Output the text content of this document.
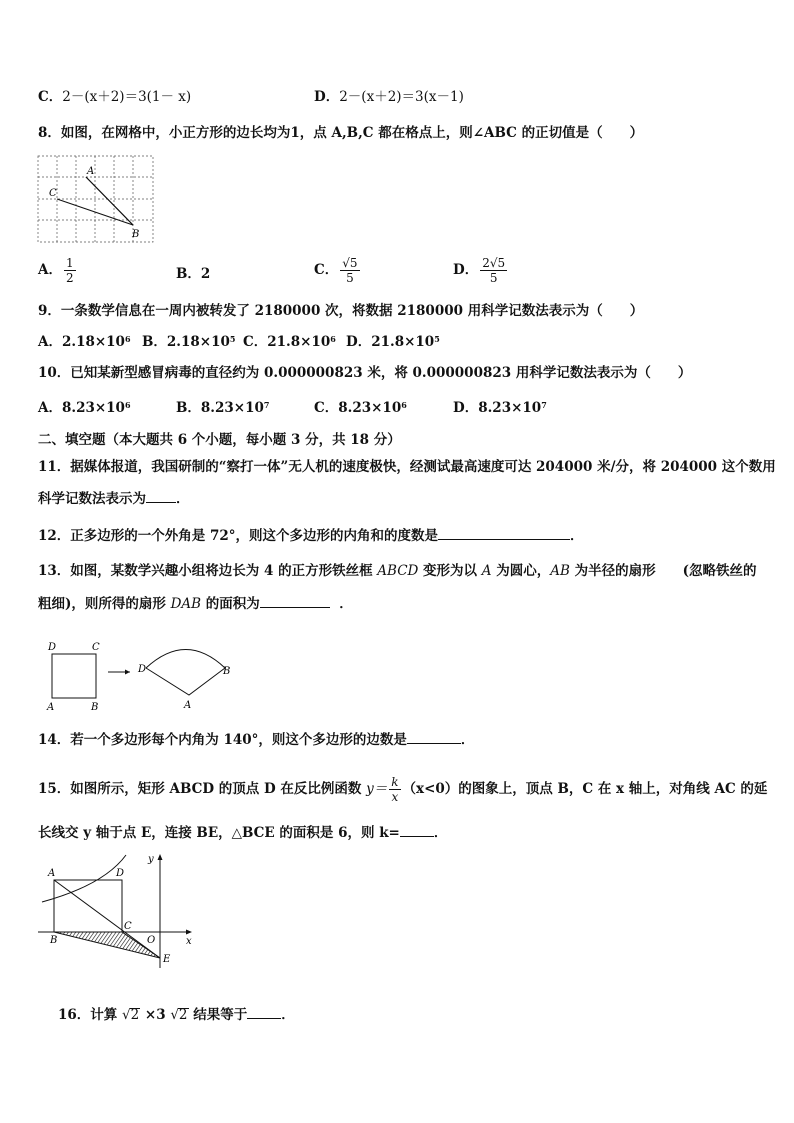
C．2－(x＋2)＝3(1－ x)	D．2－(x＋2)＝3(x－1)
8．如图，在网格中，小正方形的边长均为1，点 A,B,C 都在格点上，则∠ABC 的正切值是（　　）
A
B
C
A． $\frac{1}{2}$	B．2	C． $\frac{√5}{5}$	D． $\frac{2√5}{5}$
9．一条数学信息在一周内被转发了 2180000 次，将数据 2180000 用科学记数法表示为（　　）
A．$2.18\times 10^6$ B．$2.18\times 10^5$ C．$21.8\times 10^6$ D．$21.8\times 10^5$
10．已知某新型感冒病毒的直径约为 0.000000823 米，将 0.000000823 用科学记数法表示为（　　）
A．$8.23\times 10^6$	B．$8.23\times 10^7$	C．$8.23\times 10^6$	D．$8.23\times 10^7$
二、填空题（本大题共 6 个小题，每小题 3 分，共 18 分）
11．据媒体报道，我国研制的“察打一体”无人机的速度极快，经测试最高速度可达 204000 米/分，将 204000 这个数用
科学记数法表示为 ．
12．正多边形的一个外角是 72°，则这个多边形的内角和的度数是	．
13．如图，某数学兴趣小组将边长为 4 的正方形铁丝框 ABCD 变形为以 A 为圆心，AB 为半径的扇形　　(忽略铁丝的
粗细)，则所得的扇形 DAB 的面积为	．
D	C
A	B
D	B
A
14．若一个多边形每个内角为 140°，则这个多边形的边数是	．
15．如图所示，矩形 ABCD 的顶点 D 在反比例函数 $y= \frac{k}{x} (x<0)$的图象上，顶点 B，C 在 x 轴上，对角线 AC 的延
长线交 y 轴于点 E，连接 BE，△BCE 的面积是 6，则 k=	．
A	D
B
C
O
E
x
y
16．计算 √2 ×3 √2 结果等于	．
